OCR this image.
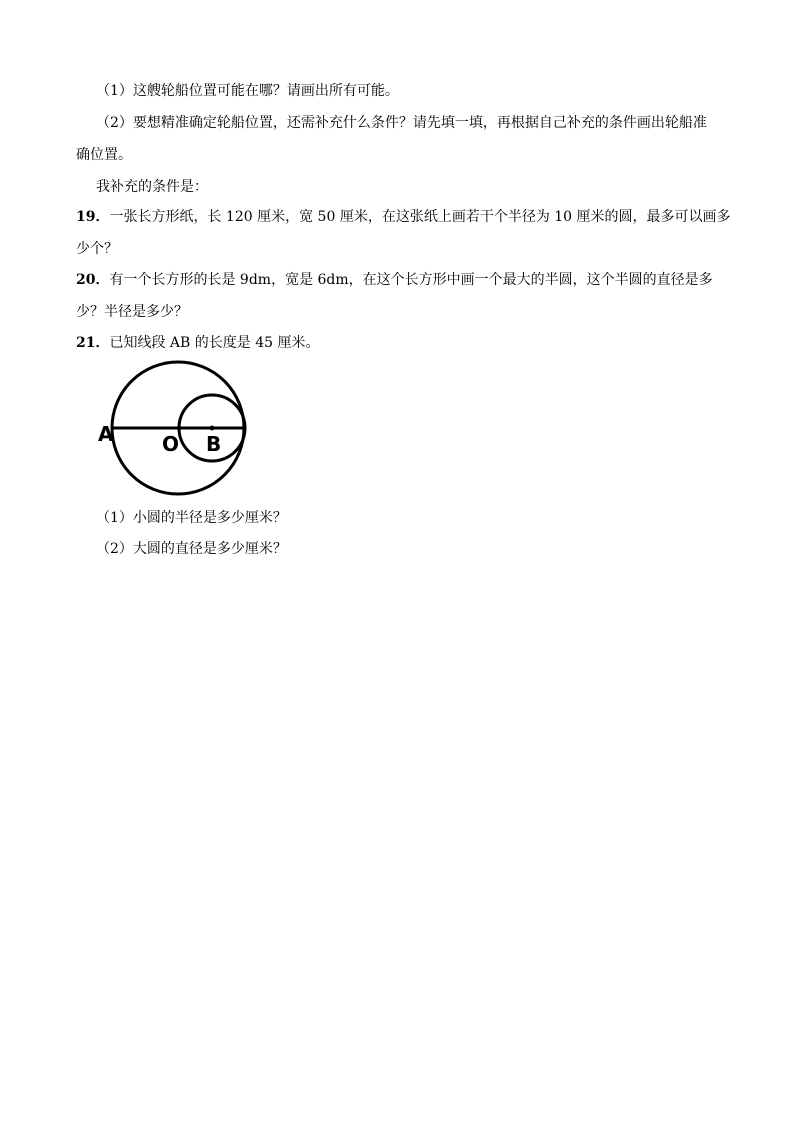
（1）这艘轮船位置可能在哪？请画出所有可能。
（2）要想精准确定轮船位置，还需补充什么条件？请先填一填，再根据自己补充的条件画出轮船准
确位置。
我补充的条件是：
19．一张长方形纸，长 120 厘米，宽 50 厘米，在这张纸上画若干个半径为 10 厘米的圆，最多可以画多
少个？
20．有一个长方形的长是 9dm，宽是 6dm，在这个长方形中画一个最大的半圆，这个半圆的直径是多
少？半径是多少？
21．已知线段 AB 的长度是 45 厘米。
A O B
（1）小圆的半径是多少厘米？
（2）大圆的直径是多少厘米？
